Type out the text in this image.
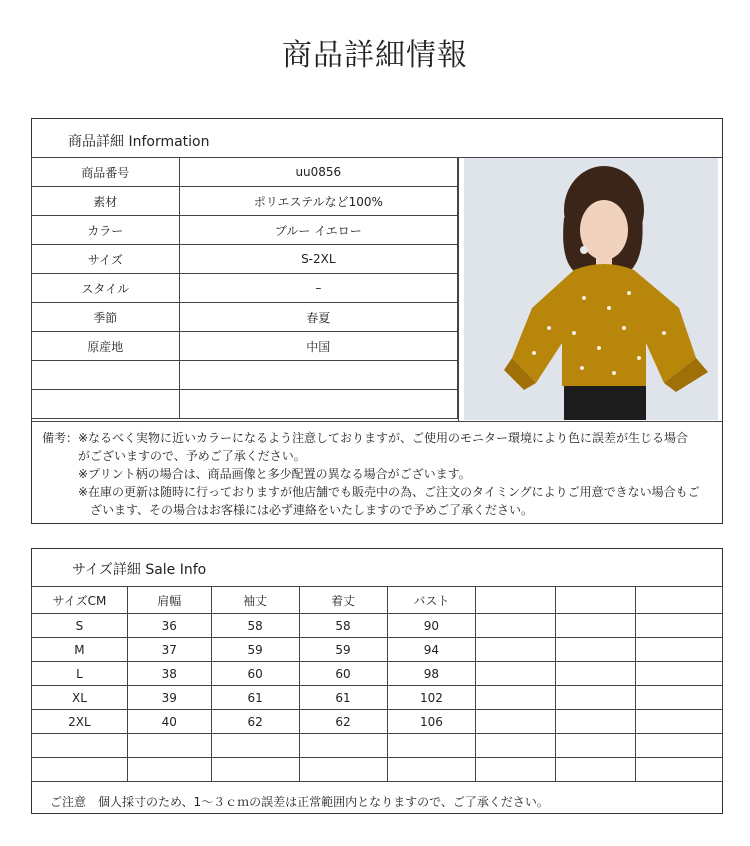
商品詳細情報
商品詳細 Information
商品番号	uu0856
素材	ポリエステルなど100%
カラー	ブルー イエロー
サイズ	S-2XL
スタイル	–
季節	春夏
原産地	中国

備考：※なるべく実物に近いカラーになるよう注意しておりますが、ご使用のモニター環境により色に誤差が生じる場合
　　　がございますので、予めご了承ください。
　　　※プリント柄の場合は、商品画像と多少配置の異なる場合がございます。
　　　※在庫の更新は随時に行っておりますが他店舗でも販売中の為、ご注文のタイミングによりご用意できない場合もご
　　　　ざいます、その場合はお客様には必ず連絡をいたしますので予めご了承ください。
サイズ詳細 Sale Info
サイズCM	肩幅	袖丈	着丈	バスト			
S	36	58	58	90			
M	37	59	59	94			
L	38	60	60	98			
XL	39	61	61	102			
2XL	40	62	62	106			

ご注意　個人採寸のため、1～３ｃｍの誤差は正常範囲内となりますので、ご了承ください。
